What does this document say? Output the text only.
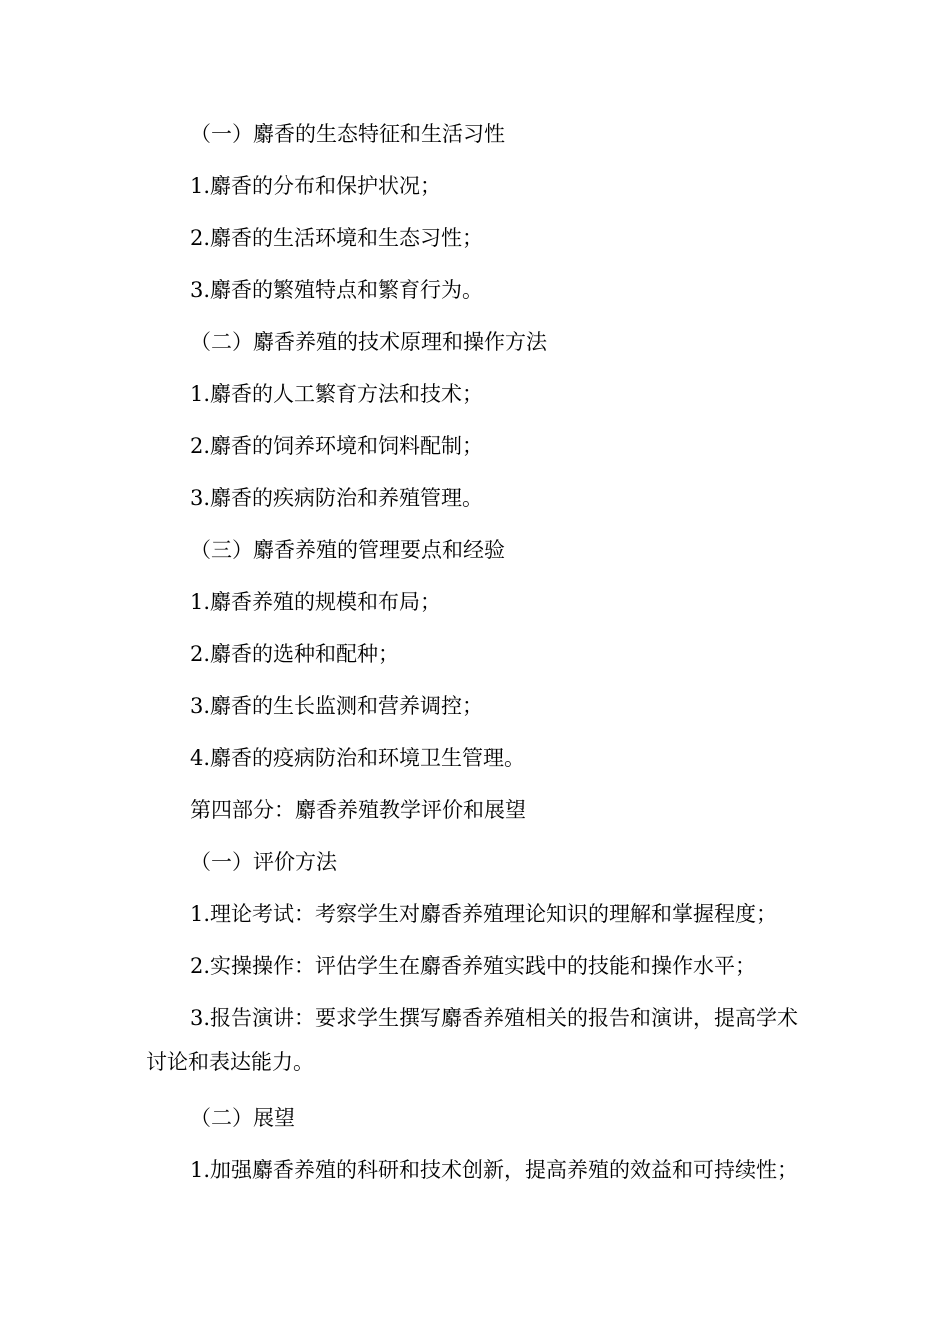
（一）麝香的生态特征和生活习性

1.麝香的分布和保护状况；

2.麝香的生活环境和生态习性；

3.麝香的繁殖特点和繁育行为。

（二）麝香养殖的技术原理和操作方法

1.麝香的人工繁育方法和技术；

2.麝香的饲养环境和饲料配制；

3.麝香的疾病防治和养殖管理。

（三）麝香养殖的管理要点和经验

1.麝香养殖的规模和布局；

2.麝香的选种和配种；

3.麝香的生长监测和营养调控；

4.麝香的疫病防治和环境卫生管理。

第四部分：麝香养殖教学评价和展望

（一）评价方法

1.理论考试：考察学生对麝香养殖理论知识的理解和掌握程度；

2.实操操作：评估学生在麝香养殖实践中的技能和操作水平；

3.报告演讲：要求学生撰写麝香养殖相关的报告和演讲，提高学术讨论和表达能力。

（二）展望

1.加强麝香养殖的科研和技术创新，提高养殖的效益和可持续性；
